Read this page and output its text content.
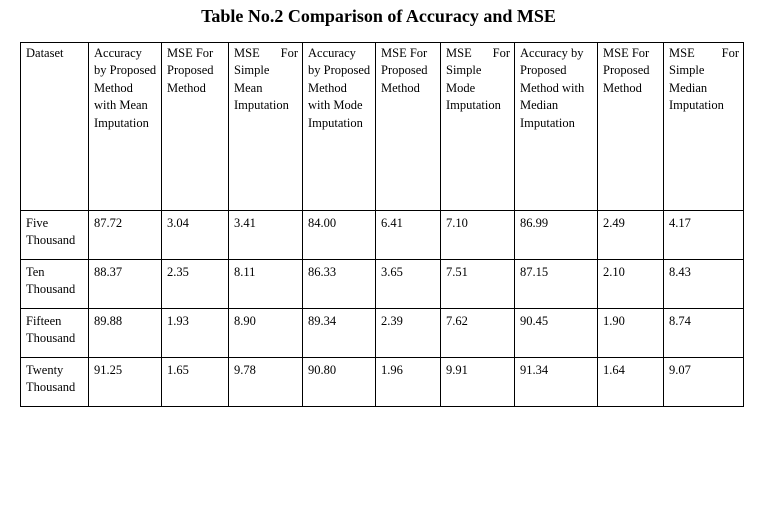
Table No.2 Comparison of Accuracy and MSE
Dataset	Accuracy by Proposed Method with Mean Imputation	MSE For Proposed Method	MSE For Simple Mean Imputation	Accuracy by Proposed Method with Mode Imputation	MSE For Proposed Method	MSE For Simple Mode Imputation	Accuracy by Proposed Method with Median Imputation	MSE For Proposed Method	MSE For Simple Median Imputation
Five Thousand	87.72	3.04	3.41	84.00	6.41	7.10	86.99	2.49	4.17
Ten Thousand	88.37	2.35	8.11	86.33	3.65	7.51	87.15	2.10	8.43
Fifteen Thousand	89.88	1.93	8.90	89.34	2.39	7.62	90.45	1.90	8.74
Twenty Thousand	91.25	1.65	9.78	90.80	1.96	9.91	91.34	1.64	9.07
